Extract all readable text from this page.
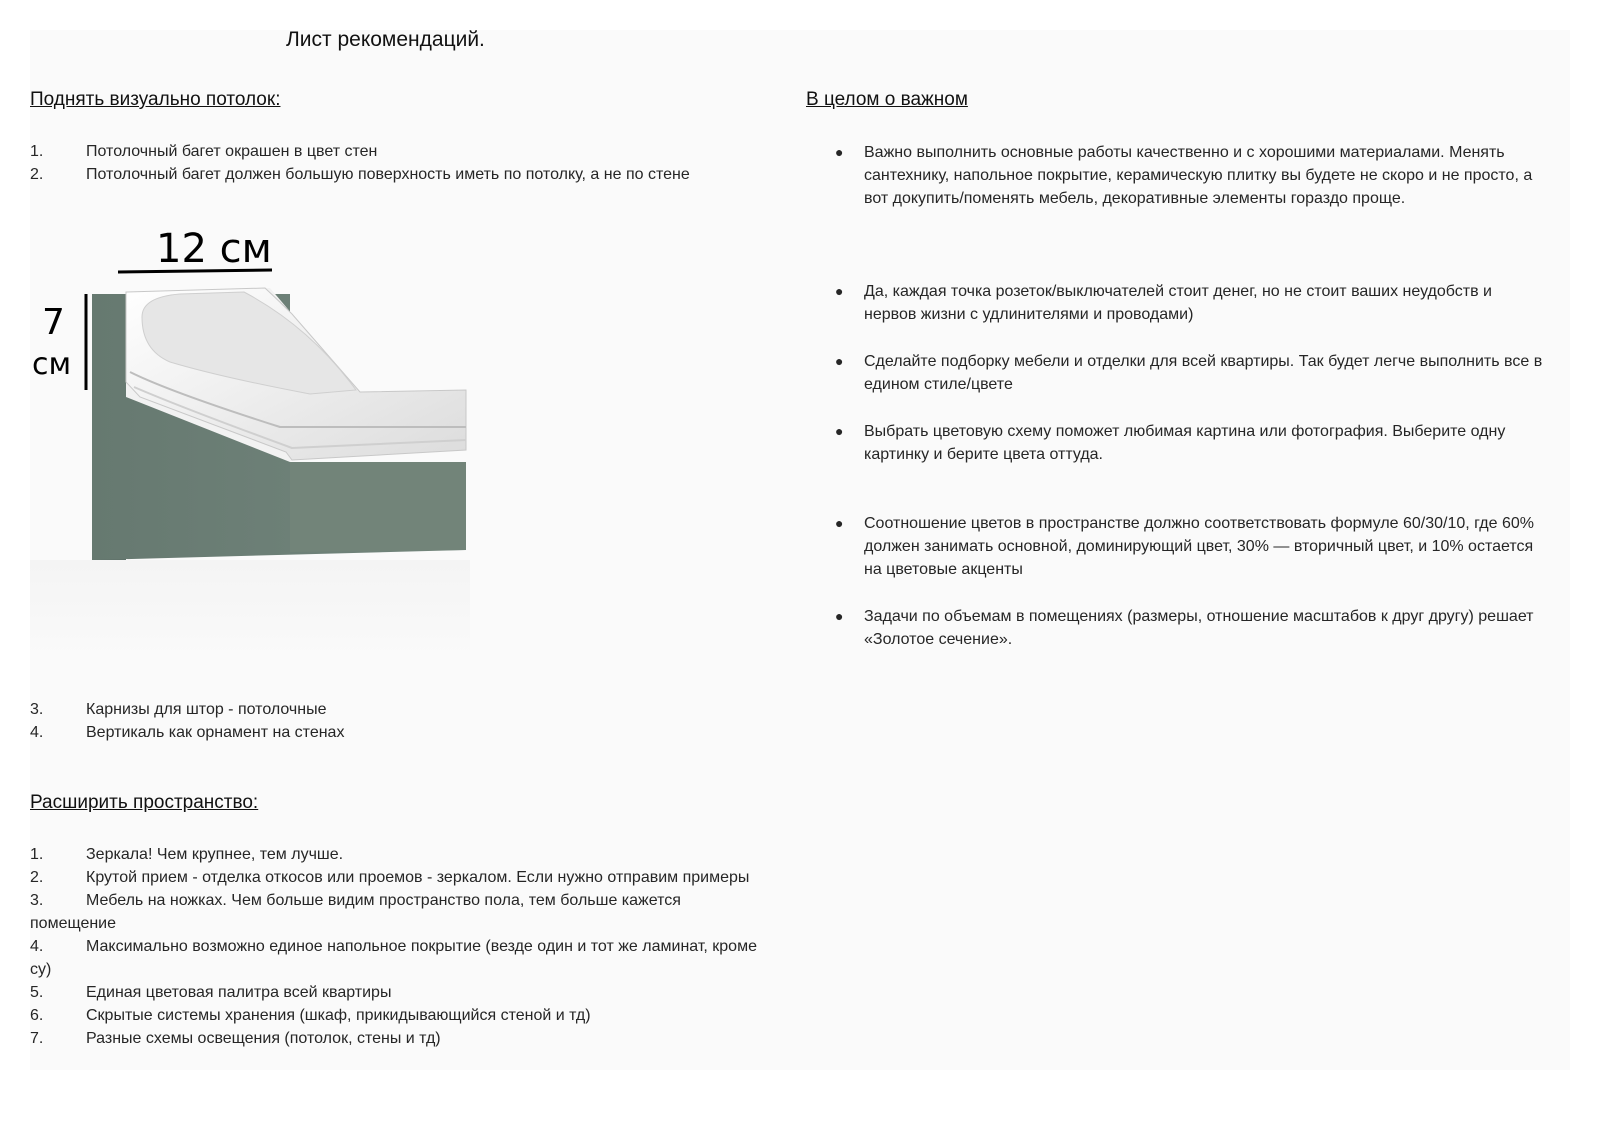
Лист рекомендаций.
Поднять визуально потолок:
1.	Потолочный багет окрашен в цвет стен
2.	Потолочный багет должен большую поверхность иметь по потолку, а не по стене
12 см
7
см
3.	Карнизы для штор - потолочные
4.	Вертикаль как орнамент на стенах
Расширить пространство:
1.	Зеркала! Чем крупнее, тем лучше.
2.	Крутой прием - отделка откосов или проемов - зеркалом. Если нужно отправим примеры
3.	Мебель на ножках. Чем больше видим пространство пола, тем больше кажется помещение
4.	Максимально возможно единое напольное покрытие (везде один и тот же ламинат, кроме су)
5.	Единая цветовая палитра всей квартиры
6.	Скрытые системы хранения (шкаф, прикидывающийся стеной и тд)
7.	Разные схемы освещения (потолок, стены и тд)
В целом о важном
● Важно выполнить основные работы качественно и с хорошими материалами. Менять сантехнику, напольное покрытие, керамическую плитку вы будете не скоро и не просто, а вот докупить/поменять мебель, декоративные элементы гораздо проще.
● Да, каждая точка розеток/выключателей стоит денег, но не стоит ваших неудобств и нервов жизни с удлинителями и проводами)
● Сделайте подборку мебели и отделки для всей квартиры. Так будет легче выполнить все в едином стиле/цвете
● Выбрать цветовую схему поможет любимая картина или фотография. Выберите одну картинку и берите цвета оттуда.
● Соотношение цветов в пространстве должно соответствовать формуле 60/30/10, где 60% должен занимать основной, доминирующий цвет, 30% — вторичный цвет, и 10% остается на цветовые акценты
● Задачи по объемам в помещениях (размеры, отношение масштабов к друг другу) решает «Золотое сечение».
